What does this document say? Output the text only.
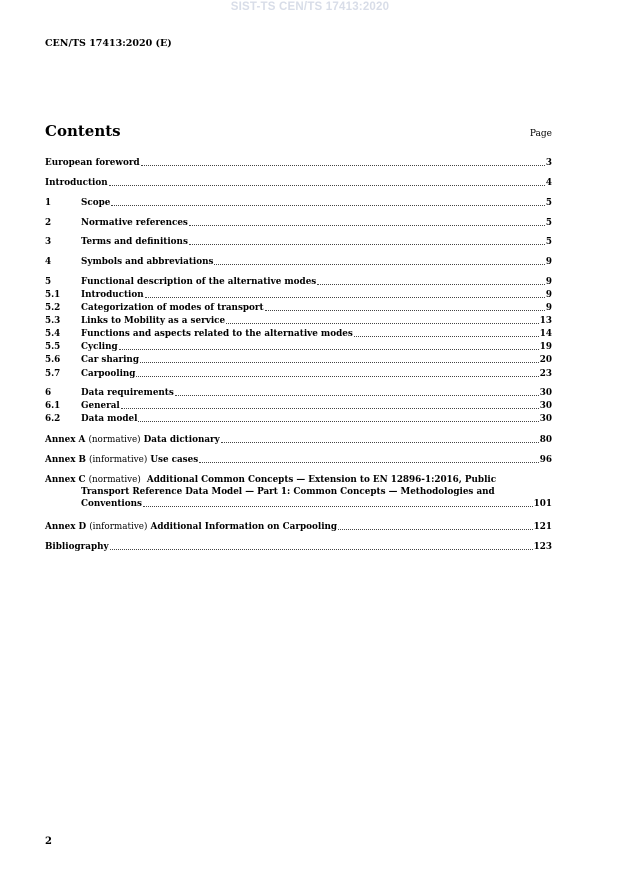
SIST-TS CEN/TS 17413:2020
CEN/TS 17413:2020 (E)
Contents	Page
European foreword	3
Introduction	4
1	Scope	5
2	Normative references	5
3	Terms and definitions	5
4	Symbols and abbreviations	9
5	Functional description of the alternative modes	9
5.1	Introduction	9
5.2	Categorization of modes of transport	9
5.3	Links to Mobility as a service	13
5.4	Functions and aspects related to the alternative modes	14
5.5	Cycling	19
5.6	Car sharing	20
5.7	Carpooling	23
6	Data requirements	30
6.1	General	30
6.2	Data model	30
Annex A (normative) Data dictionary	80
Annex B (informative) Use cases	96
Annex C
(normative)
Additional Common Concepts — Extension to EN 12896-1:2016, Public
Transport Reference Data Model — Part 1: Common Concepts — Methodologies and
Conventions	101
Annex D (informative) Additional Information on Carpooling	121
Bibliography	123
2
